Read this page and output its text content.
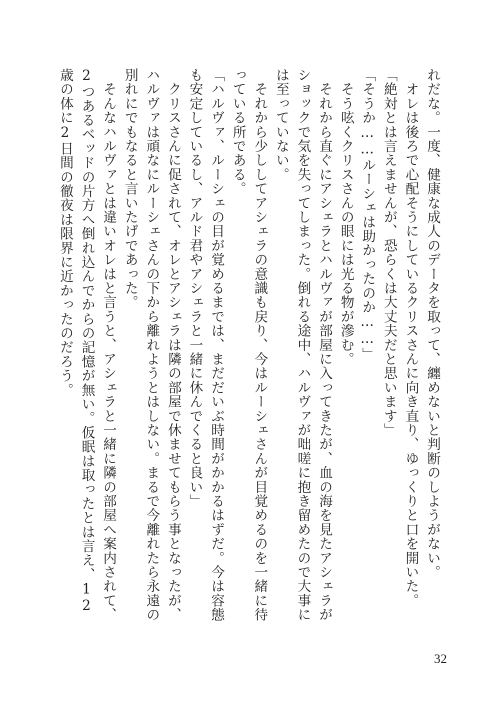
れだな。一度、健康な成人のデータを取って、纏めないと判断のしようがない。

　オレは後ろで心配そうにしているクリスさんに向き直り、ゆっくりと口を開いた。

「絶対とは言えませんが、恐らくは大丈夫だと思います」

「そうか……ルーシェは助かったのか……」

　そう呟くクリスさんの眼には光る物が滲む。

　それから直ぐにアシェラとハルヴァが部屋に入ってきたが、血の海を見たアシェラがショックで気を失ってしまった。倒れる途中、ハルヴァが咄嗟に抱き留めたので大事には至っていない。

　それから少ししてアシェラの意識も戻り、今はルーシェさんが目覚めるのを一緒に待っている所である。

「ハルヴァ、ルーシェの目が覚めるまでは、まだだいぶ時間がかかるはずだ。今は容態も安定しているし、アルド君やアシェラと一緒に休んでくると良い」

　クリスさんに促されて、オレとアシェラは隣の部屋で休ませてもらう事となったが、ハルヴァは頑なにルーシェさんの下から離れようとはしない。まるで今離れたら永遠の別れにでもなると言いたげであった。

　そんなハルヴァとは違いオレはと言うと、アシェラと一緒に隣の部屋へ案内されて、2つあるベッドの片方へ倒れ込んでからの記憶が無い。仮眠は取ったとは言え、12歳の体に2日間の徹夜は限界に近かったのだろう。

32
